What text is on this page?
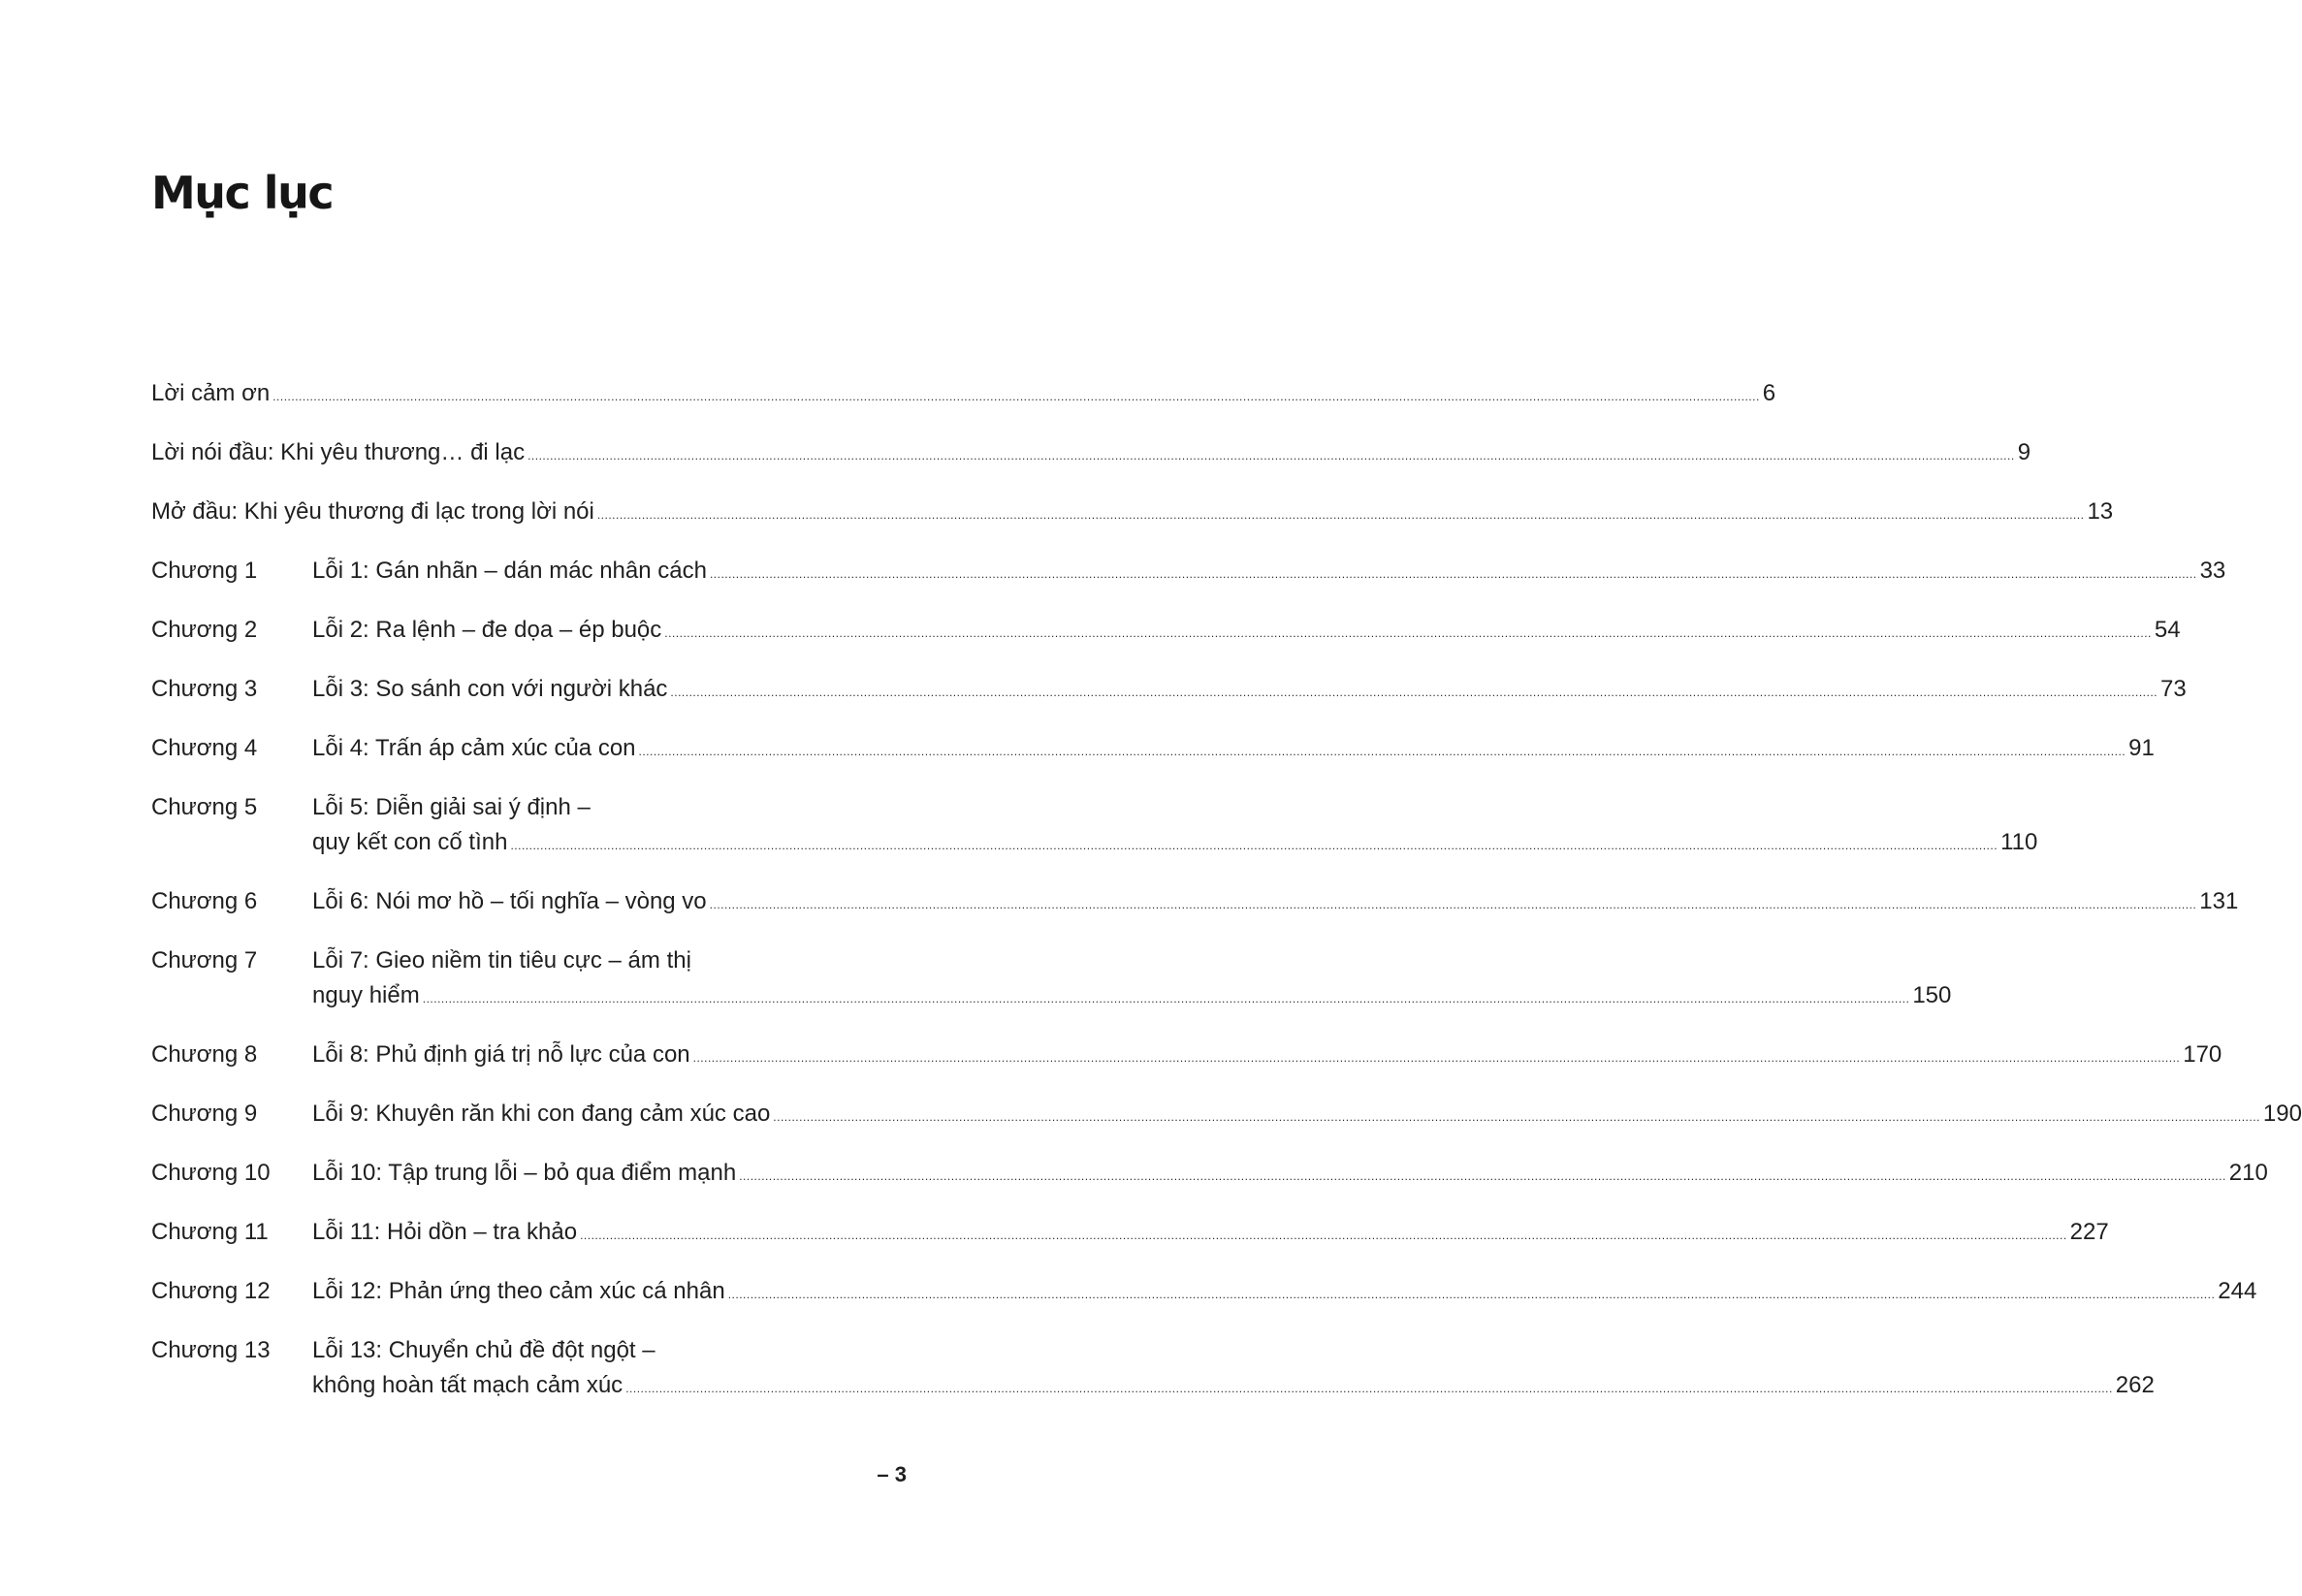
Mục lục
Lời cảm ơn ................................................................................................................................................................................................................................................................................................................................................................................................................ 6
Lời nói đầu: Khi yêu thương… đi lạc ................................................................................................................................................................................................................................................................................................................................................................................................................ 9
Mở đầu: Khi yêu thương đi lạc trong lời nói ................................................................................................................................................................................................................................................................................................................................................................................................................ 13
Chương 1	Lỗi 1: Gán nhãn – dán mác nhân cách ................................................................................................................................................................................................................................................................................................................................................................................................................ 33
Chương 2	Lỗi 2: Ra lệnh – đe dọa – ép buộc ................................................................................................................................................................................................................................................................................................................................................................................................................ 54
Chương 3	Lỗi 3: So sánh con với người khác ................................................................................................................................................................................................................................................................................................................................................................................................................ 73
Chương 4	Lỗi 4: Trấn áp cảm xúc của con ................................................................................................................................................................................................................................................................................................................................................................................................................ 91
Chương 5	Lỗi 5: Diễn giải sai ý định –
quy kết con cố tình ................................................................................................................................................................................................................................................................................................................................................................................................................ 110
Chương 6	Lỗi 6: Nói mơ hồ – tối nghĩa – vòng vo ................................................................................................................................................................................................................................................................................................................................................................................................................ 131
Chương 7	Lỗi 7: Gieo niềm tin tiêu cực – ám thị
nguy hiểm ................................................................................................................................................................................................................................................................................................................................................................................................................ 150
Chương 8	Lỗi 8: Phủ định giá trị nỗ lực của con ................................................................................................................................................................................................................................................................................................................................................................................................................ 170
Chương 9	Lỗi 9: Khuyên răn khi con đang cảm xúc cao ................................................................................................................................................................................................................................................................................................................................................................................................................ 190
Chương 10	Lỗi 10: Tập trung lỗi – bỏ qua điểm mạnh ................................................................................................................................................................................................................................................................................................................................................................................................................ 210
Chương 11	Lỗi 11: Hỏi dồn – tra khảo ................................................................................................................................................................................................................................................................................................................................................................................................................ 227
Chương 12	Lỗi 12: Phản ứng theo cảm xúc cá nhân ................................................................................................................................................................................................................................................................................................................................................................................................................ 244
Chương 13	Lỗi 13: Chuyển chủ đề đột ngột –
không hoàn tất mạch cảm xúc ................................................................................................................................................................................................................................................................................................................................................................................................................ 262
– 3
